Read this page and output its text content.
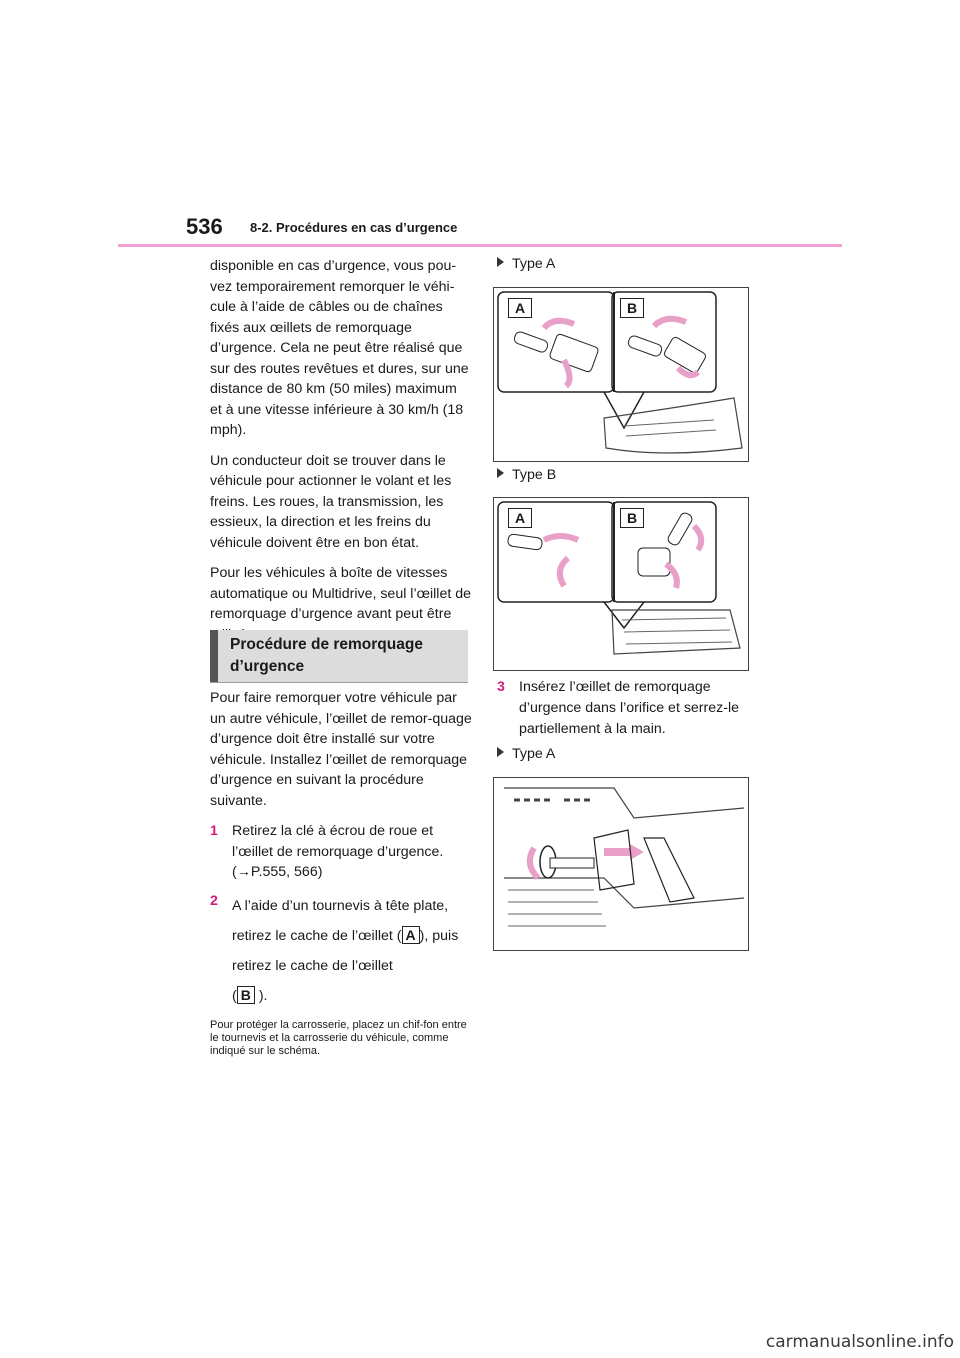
536 8-2. Procédures en cas d’urgence

disponible en cas d’urgence, vous pou-vez temporairement remorquer le véhi-cule à l’aide de câbles ou de chaînes fixés aux œillets de remorquage d’urgence. Cela ne peut être réalisé que sur des routes revêtues et dures, sur une distance de 80 km (50 miles) maximum et à une vitesse inférieure à 30 km/h (18 mph).

Un conducteur doit se trouver dans le véhicule pour actionner le volant et les freins. Les roues, la transmission, les essieux, la direction et les freins du véhicule doivent être en bon état.

Pour les véhicules à boîte de vitesses automatique ou Multidrive, seul l’œillet de remorquage d’urgence avant peut être

Procédure de remorquage
d’urgence

Pour faire remorquer votre véhicule par un autre véhicule, l’œillet de remor-quage d’urgence doit être installé sur votre véhicule. Installez l’œillet de remorquage d’urgence en suivant la procédure suivante.

1 Retirez la clé à écrou de roue et l’œillet de remorquage d’urgence.
(→P.555, 566)
2 A l’aide d’un tournevis à tête plate, retirez le cache de l’œillet ( A ), puis retirez le cache de l’œillet
( B ).
Pour protéger la carrosserie, placez un chif-fon entre le tournevis et la carrosserie du véhicule, comme indiqué sur le schéma.
Type A
A	B
Type B
A	B
3 Insérez l’œillet de remorquage d’urgence dans l’orifice et serrez-le partiellement à la main.
Type A
carmanualsonline.info
